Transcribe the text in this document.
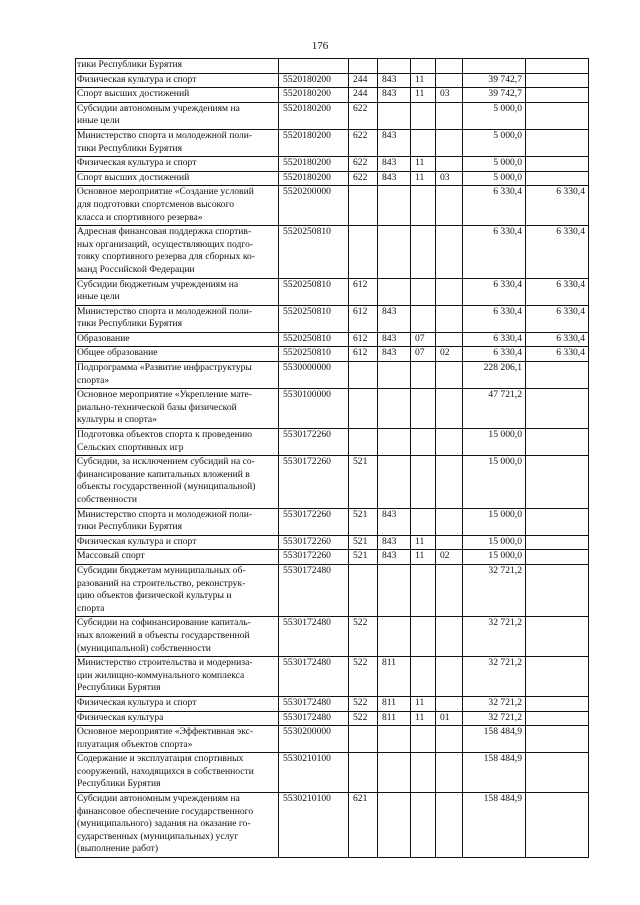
176
тики Республики Бурятия							
Физическая культура и спорт	5520180200	244	843	11		39 742,7	
Спорт высших достижений	5520180200	244	843	11	03	39 742,7	
Субсидии автономным учреждениям на
иные цели	5520180200	622				5 000,0	
Министерство спорта и молодежной поли-
тики Республики Бурятия	5520180200	622	843			5 000,0	
Физическая культура и спорт	5520180200	622	843	11		5 000,0	
Спорт высших достижений	5520180200	622	843	11	03	5 000,0	
Основное мероприятие «Создание условий
для подготовки спортсменов высокого
класса и спортивного резерва»	5520200000					6 330,4	6 330,4
Адресная финансовая поддержка спортив-
ных организаций, осуществляющих подго-
товку спортивного резерва для сборных ко-
манд Российской Федерации	5520250810					6 330,4	6 330,4
Субсидии бюджетным учреждениям на
иные цели	5520250810	612				6 330,4	6 330,4
Министерство спорта и молодежной поли-
тики Республики Бурятия	5520250810	612	843			6 330,4	6 330,4
Образование	5520250810	612	843	07		6 330,4	6 330,4
Общее образование	5520250810	612	843	07	02	6 330,4	6 330,4
Подпрограмма «Развитие инфраструктуры
спорта»	5530000000					228 206,1	
Основное мероприятие «Укрепление мате-
риально-технической базы физической
культуры и спорта»	5530100000					47 721,2	
Подготовка объектов спорта к проведению
Сельских спортивных игр	5530172260					15 000,0	
Субсидии, за исключением субсидий на со-
финансирование капитальных вложений в
объекты государственной (муниципальной)
собственности	5530172260	521				15 000,0	
Министерство спорта и молодежной поли-
тики Республики Бурятия	5530172260	521	843			15 000,0	
Физическая культура и спорт	5530172260	521	843	11		15 000,0	
Массовый спорт	5530172260	521	843	11	02	15 000,0	
Субсидии бюджетам муниципальных об-
разований на строительство, реконструк-
цию объектов физической культуры и
спорта	5530172480					32 721,2	
Субсидии на софинансирование капиталь-
ных вложений в объекты государственной
(муниципальной) собственности	5530172480	522				32 721,2	
Министерство строительства и модерниза-
ции жилищно-коммунального комплекса
Республики Бурятия	5530172480	522	811			32 721,2	
Физическая культура и спорт	5530172480	522	811	11		32 721,2	
Физическая культура	5530172480	522	811	11	01	32 721,2	
Основное мероприятие «Эффективная экс-
плуатация объектов спорта»	5530200000					158 484,9	
Содержание и эксплуатация спортивных
сооружений, находящихся в собственности
Республики Бурятия	5530210100					158 484,9	
Субсидии автономным учреждениям на
финансовое обеспечение государственного
(муниципального) задания на оказание го-
сударственных (муниципальных) услуг
(выполнение работ)	5530210100	621				158 484,9	
